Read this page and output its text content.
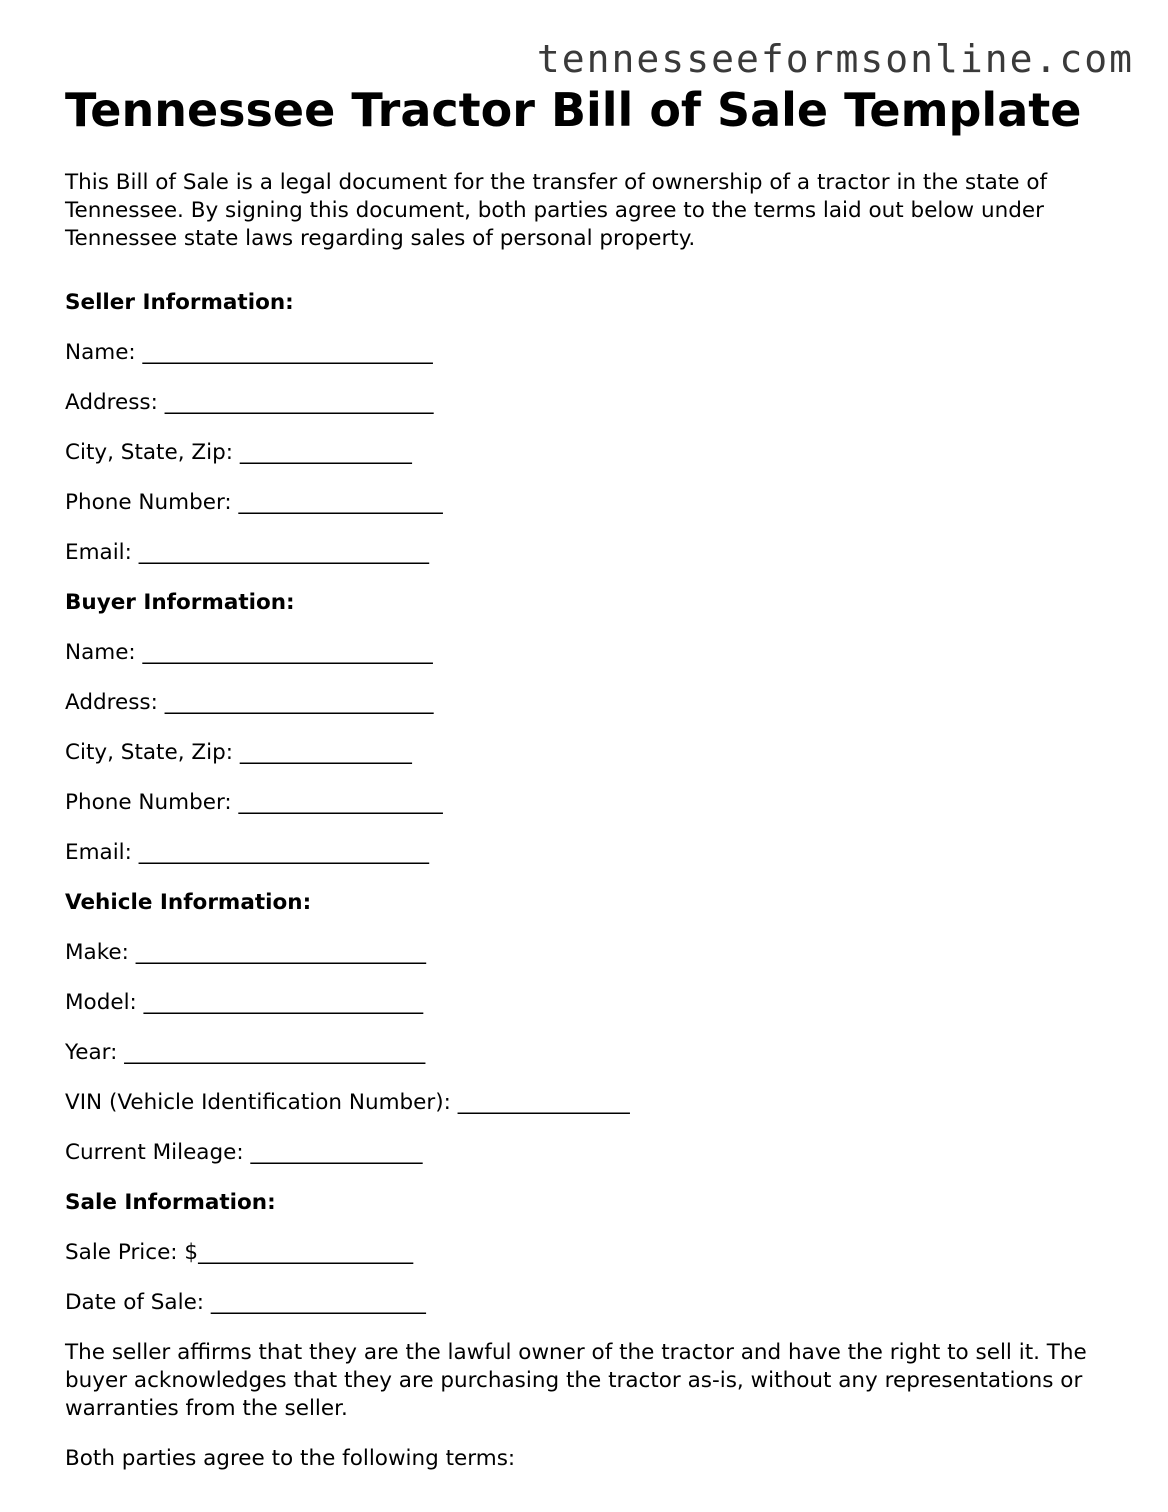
tennesseeformsonline.com
Tennessee Tractor Bill of Sale Template

This Bill of Sale is a legal document for the transfer of ownership of a tractor in the state of Tennessee. By signing this document, both parties agree to the terms laid out below under Tennessee state laws regarding sales of personal property.

Seller Information:
Name: ___________________________
Address: _________________________
City, State, Zip: ________________
Phone Number: ___________________
Email: ___________________________
Buyer Information:
Name: ___________________________
Address: _________________________
City, State, Zip: ________________
Phone Number: ___________________
Email: ___________________________
Vehicle Information:
Make: ___________________________
Model: __________________________
Year: ____________________________
VIN (Vehicle Identification Number): ________________
Current Mileage: ________________
Sale Information:
Sale Price: $____________________
Date of Sale: ____________________

The seller affirms that they are the lawful owner of the tractor and have the right to sell it. The buyer acknowledges that they are purchasing the tractor as-is, without any representations or warranties from the seller.

Both parties agree to the following terms:
